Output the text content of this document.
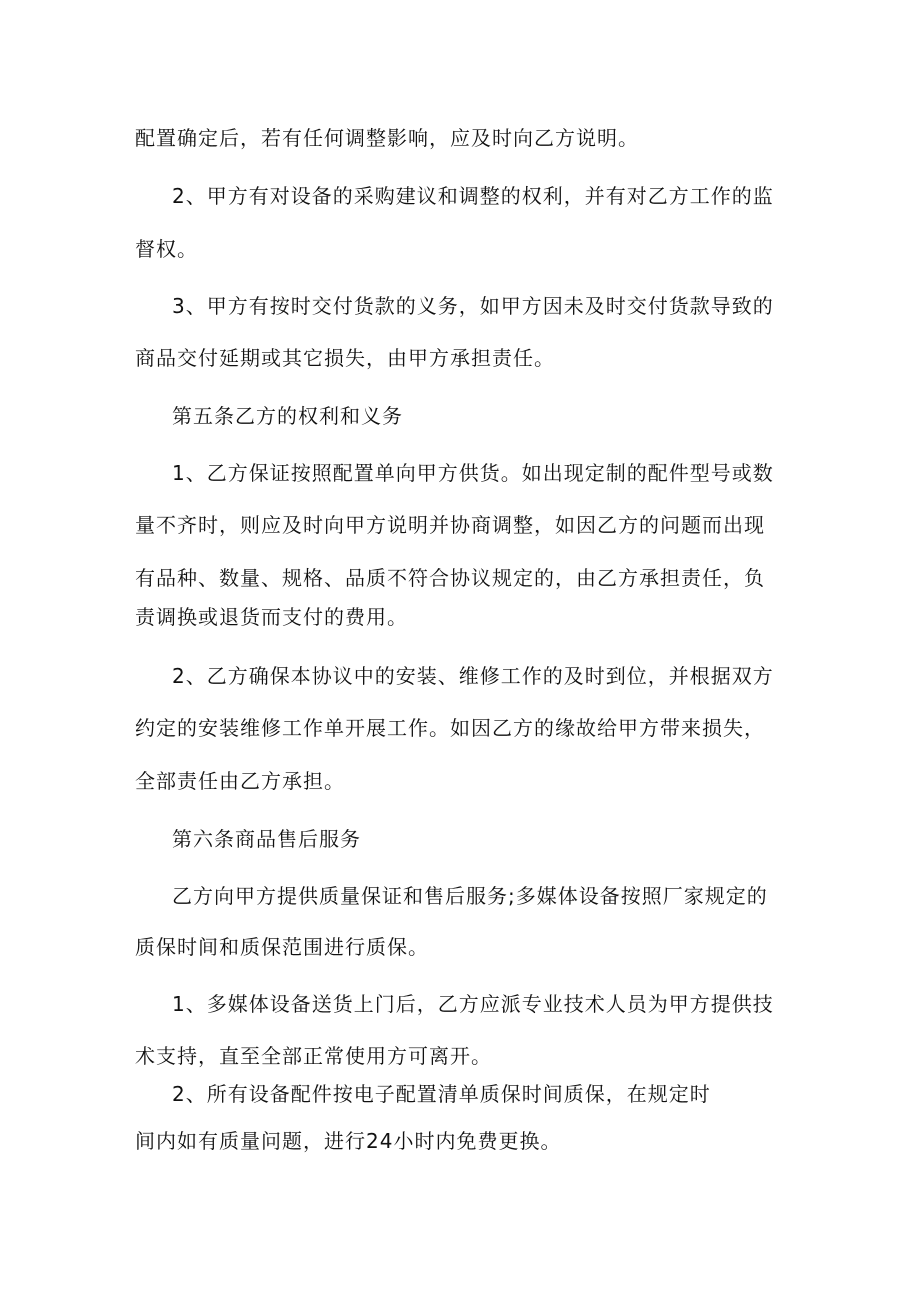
配置确定后，若有任何调整影响，应及时向乙方说明。
2、甲方有对设备的采购建议和调整的权利，并有对乙方工作的监
督权。
3、甲方有按时交付货款的义务，如甲方因未及时交付货款导致的
商品交付延期或其它损失，由甲方承担责任。
第五条乙方的权利和义务
1、乙方保证按照配置单向甲方供货。如出现定制的配件型号或数
量不齐时，则应及时向甲方说明并协商调整，如因乙方的问题而出现
有品种、数量、规格、品质不符合协议规定的，由乙方承担责任，负
责调换或退货而支付的费用。
2、乙方确保本协议中的安装、维修工作的及时到位，并根据双方
约定的安装维修工作单开展工作。如因乙方的缘故给甲方带来损失，
全部责任由乙方承担。
第六条商品售后服务
乙方向甲方提供质量保证和售后服务;多媒体设备按照厂家规定的
质保时间和质保范围进行质保。
1、多媒体设备送货上门后，乙方应派专业技术人员为甲方提供技
术支持，直至全部正常使用方可离开。
2、所有设备配件按电子配置清单质保时间质保，在规定时
间内如有质量问题，进行24小时内免费更换。
